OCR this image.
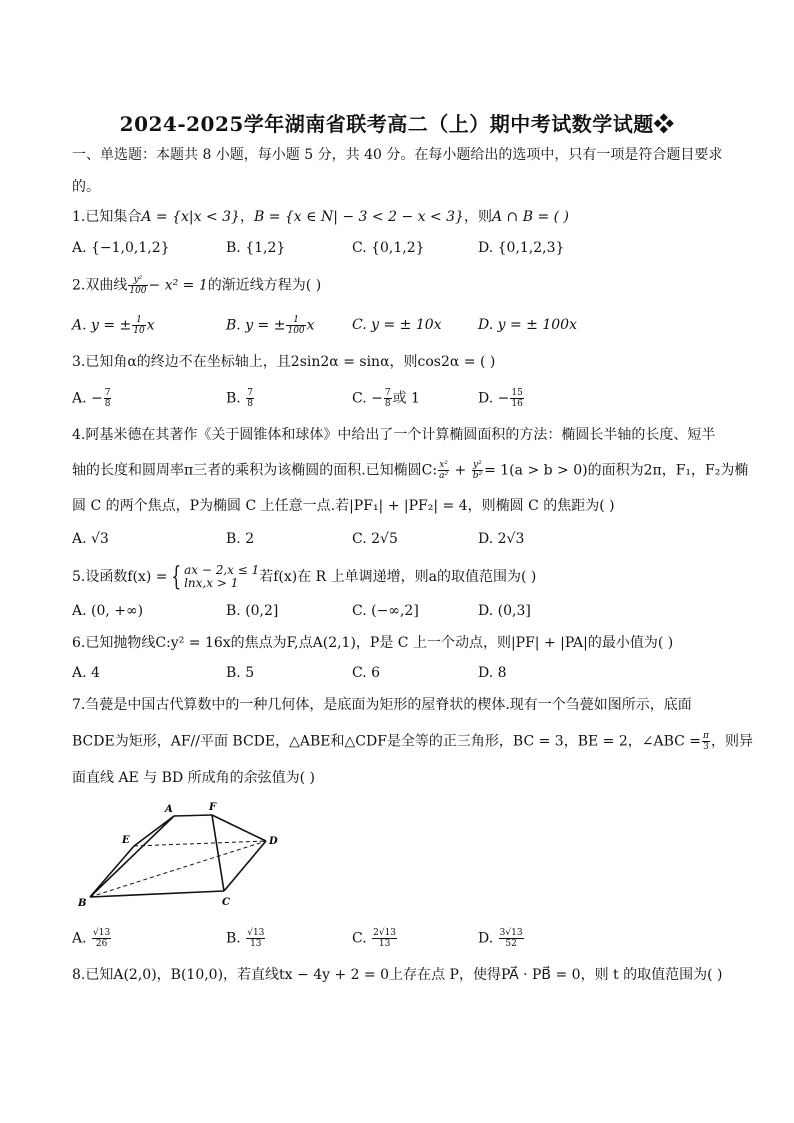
2024-2025学年湖南省联考高二（上）期中考试数学试题❖
一、单选题：本题共 8 小题，每小题 5 分，共 40 分。在每小题给出的选项中，只有一项是符合题目要求
的。
1.已知集合A = {x|x < 3}，B = {x ∈ N| − 3 < 2 − x < 3}，则A ∩ B = ( )
A. {−1,0,1,2}	B. {1,2}	C. {0,1,2}	D. {0,1,2,3}
2.双曲线 $\frac{\text{y²}}{100} - x^2 = 1$的渐近线方程为( )
A. y = ± $\frac{1}{10}$ x	B. y = ± $\frac{1}{100}$ x	C. y = ± 10x	D. y = ± 100x
3.已知角α的终边不在坐标轴上，且2sin2α = sinα，则cos2α = ( )
A. − $\frac{7}{8}$	B. $\frac{7}{8}$	C. − $\frac{7}{8}$ 或 1	D. − $\frac{15}{16}$
4.阿基米德在其著作《关于圆锥体和球体》中给出了一个计算椭圆面积的方法：椭圆长半轴的长度、短半
轴的长度和圆周率π三者的乘积为该椭圆的面积.已知椭圆C: $\frac{\text{x²}}{\text{a²}} + \frac{\text{y²}}{\text{b²}} = 1(a > b > 0)$的面积为2π，F₁，F₂为椭
圆 C 的两个焦点，P为椭圆 C 上任意一点.若|PF₁| + |PF₂| = 4，则椭圆 C 的焦距为( )
A. √3	B. 2	C. 2√5	D. 2√3
5.设函数f(x) = { ax − 2,x ≤ 1
lnx,x > 1	若f(x)在 R 上单调递增，则a的取值范围为( )
A. (0, +∞)	B. (0,2]	C. (−∞,2]	D. (0,3]
6.已知抛物线C:y² = 16x的焦点为F,点A(2,1)，P是 C 上一个动点，则|PF| + |PA|的最小值为( )
A. 4	B. 5	C. 6	D. 8
7.刍甍是中国古代算数中的一种几何体，是底面为矩形的屋脊状的楔体.现有一个刍甍如图所示，底面
BCDE为矩形，AF//平面 BCDE，△ABE和△CDF是全等的正三角形，BC = 3，BE = 2，∠ABC = $\frac{\pi}{3}$ ，则异
面直线 AE 与 BD 所成角的余弦值为( )
A	F
E	D
B	C
A. $\frac{√13}{26}$	B. $\frac{√13}{13}$	C. $\frac{2√13}{13}$	D. $\frac{3√13}{52}$
8.已知A(2,0)，B(10,0)，若直线tx − 4y + 2 = 0上存在点 P，使得PA⃗ · PB⃗ = 0，则 t 的取值范围为( )
